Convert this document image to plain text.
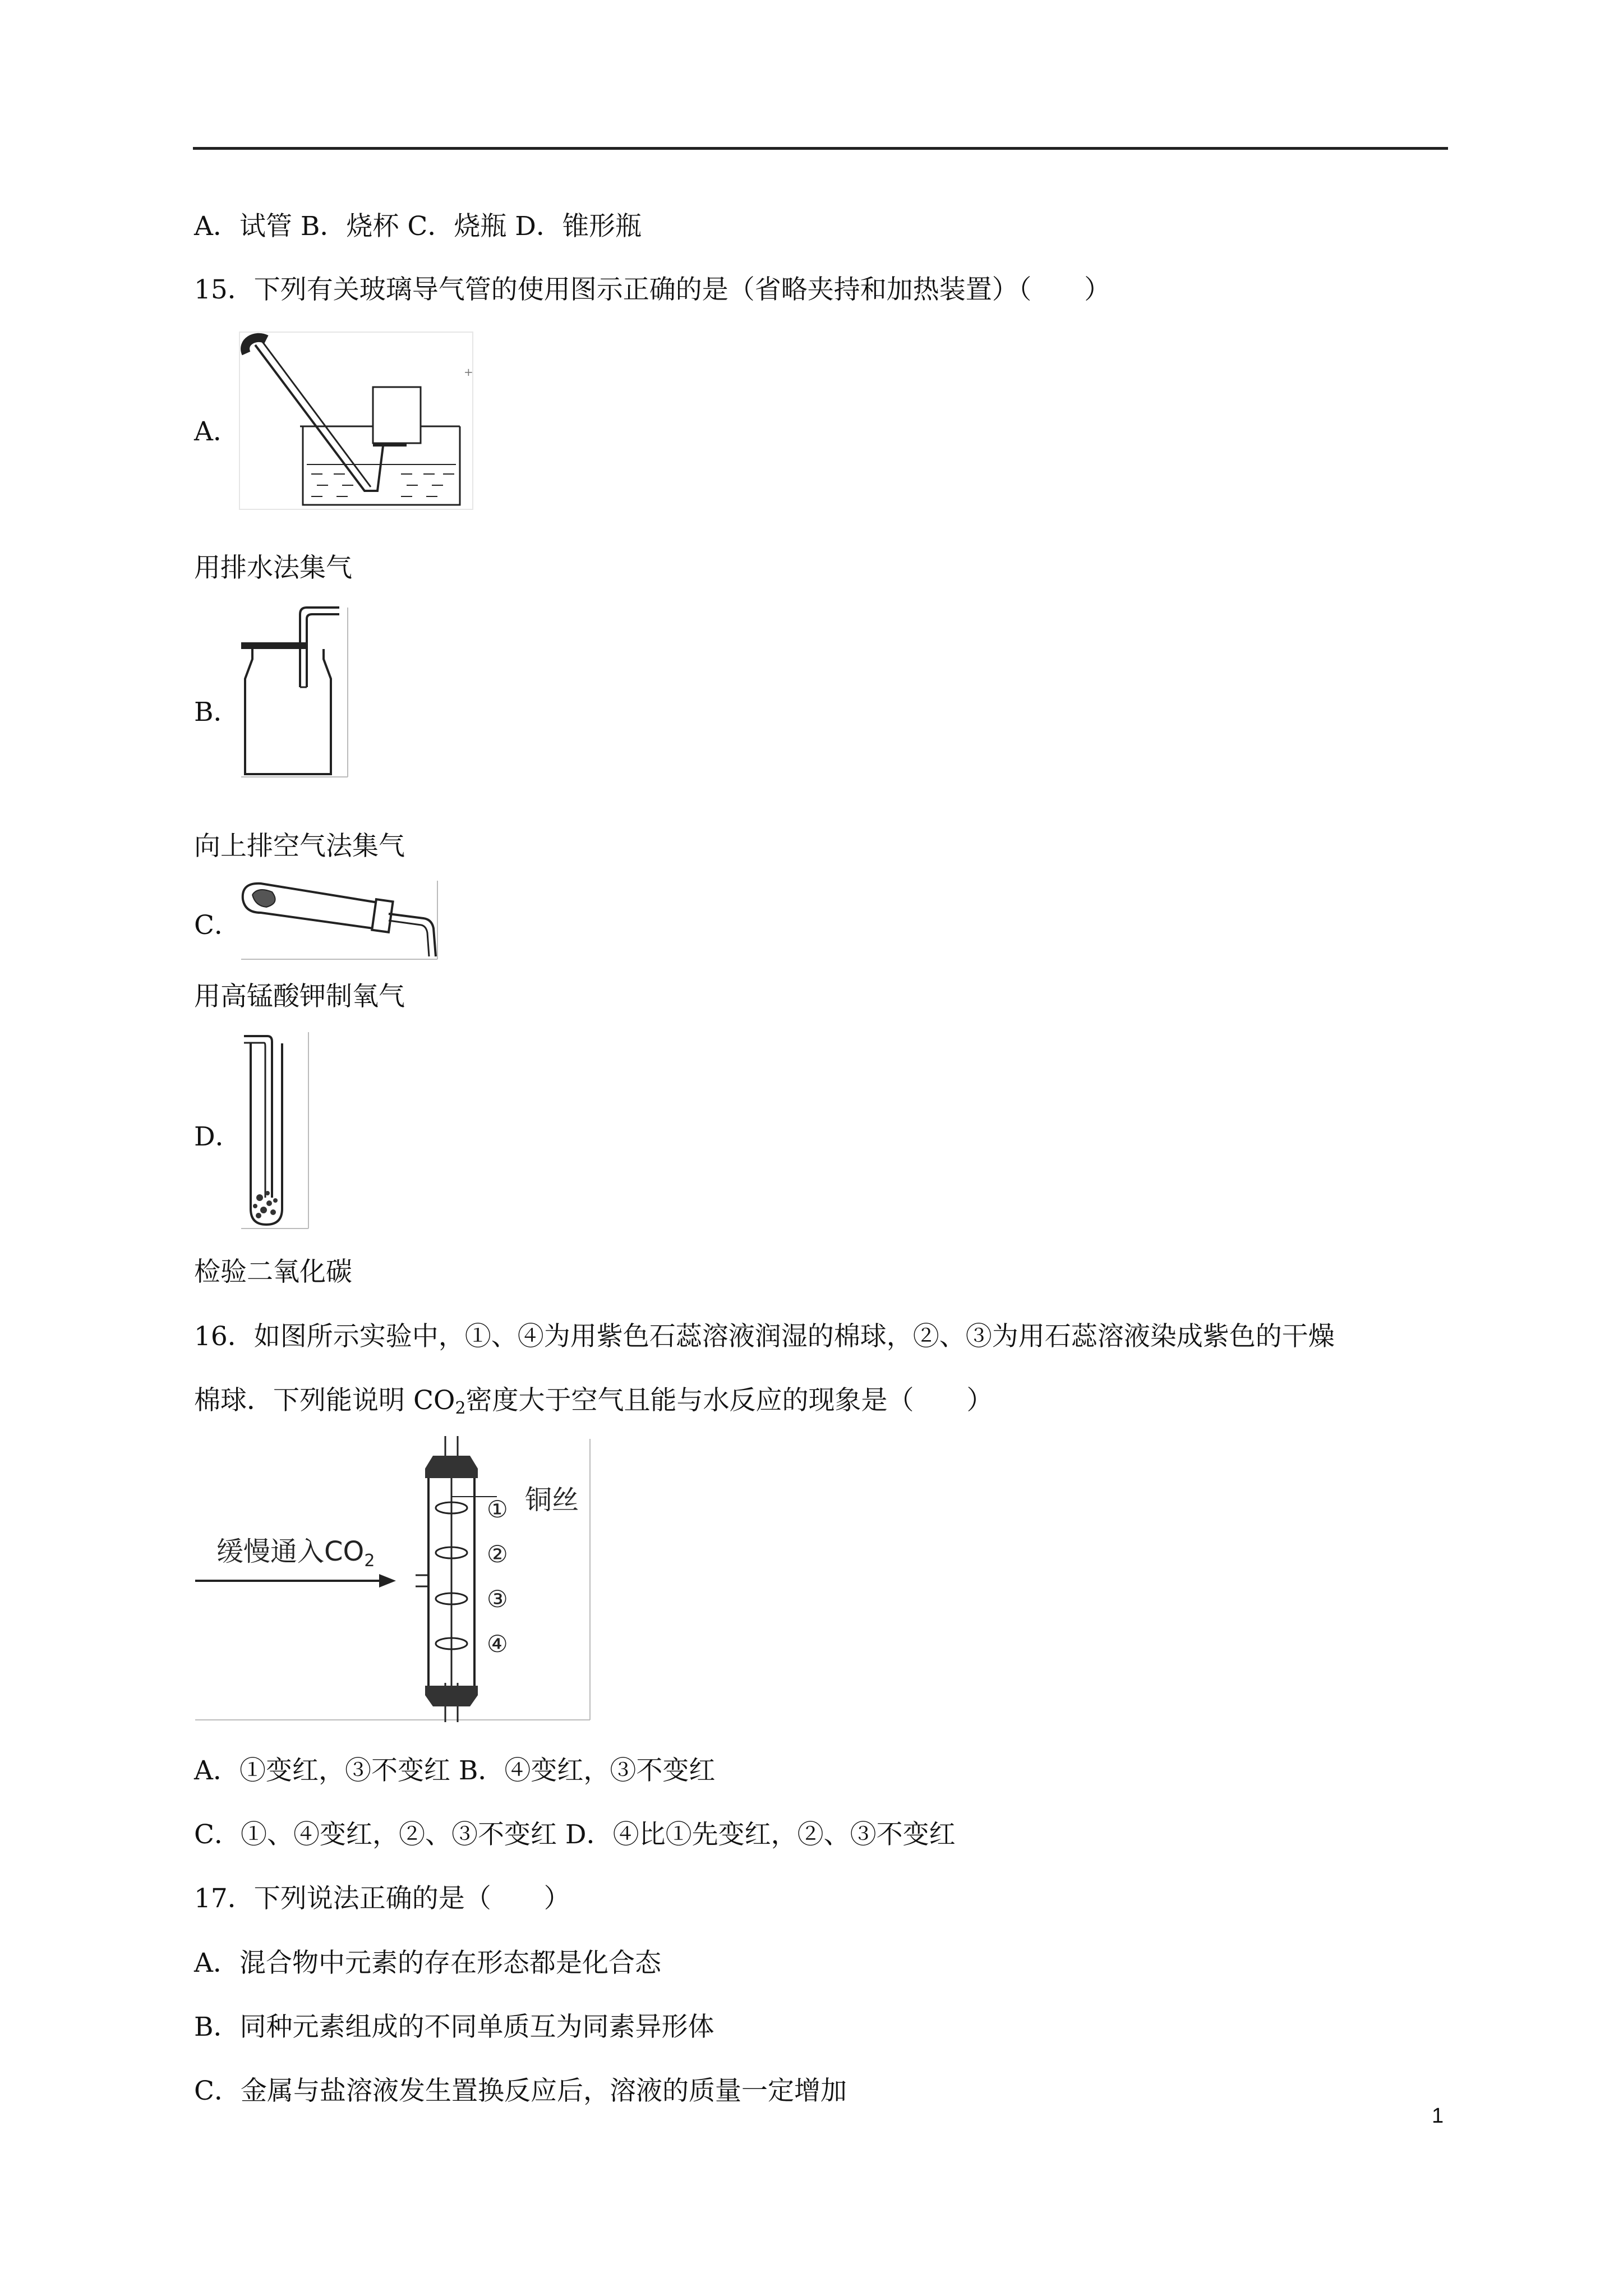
A．试管 B．烧杯 C．烧瓶 D．锥形瓶
15．下列有关玻璃导气管的使用图示正确的是（省略夹持和加热装置）（　　）
A．
+
用排水法集气
B．
向上排空气法集气
C．
用高锰酸钾制氧气
D．
检验二氧化碳
16．如图所示实验中，①、④为用紫色石蕊溶液润湿的棉球，②、③为用石蕊溶液染成紫色的干燥
棉球．下列能说明 $CO_2$密度大于空气且能与水反应的现象是（　　）
缓慢通入$CO_2$
铜丝
①
②
③
④
A．①变红，③不变红 B．④变红，③不变红
C．①、④变红，②、③不变红 D．④比①先变红，②、③不变红
17．下列说法正确的是（　　）
A．混合物中元素的存在形态都是化合态
B．同种元素组成的不同单质互为同素异形体
C．金属与盐溶液发生置换反应后，溶液的质量一定增加
1
